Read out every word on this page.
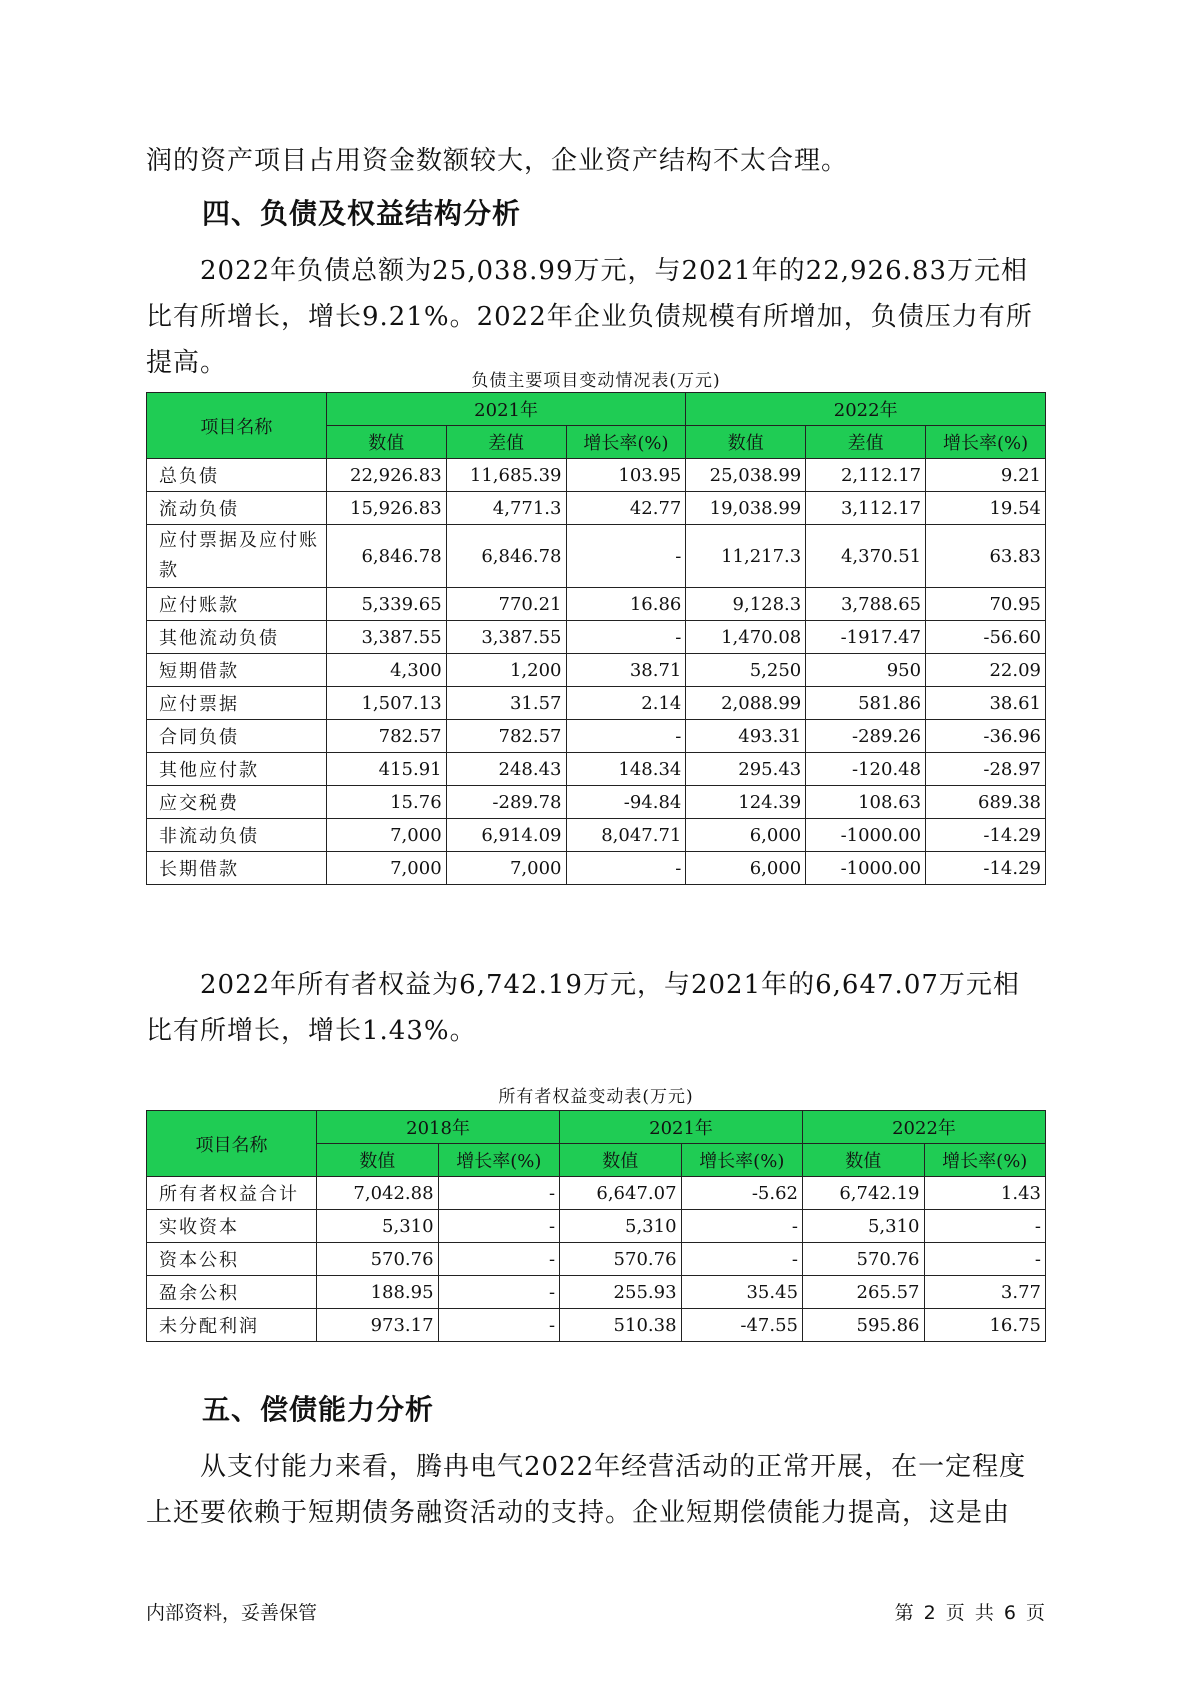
润的资产项目占用资金数额较大，企业资产结构不太合理。

四、负债及权益结构分析

2022年负债总额为25,038.99万元，与2021年的22,926.83万元相比有所增长，增长9.21%。2022年企业负债规模有所增加，负债压力有所提高。

负债主要项目变动情况表(万元)

项目名称	2021年			2022年		
	数值	差值	增长率(%)	数值	差值	增长率(%)
总负债	22,926.83	11,685.39	103.95	25,038.99	2,112.17	9.21
流动负债	15,926.83	4,771.3	42.77	19,038.99	3,112.17	19.54
应付票据及应付账款	6,846.78	6,846.78	-	11,217.3	4,370.51	63.83
应付账款	5,339.65	770.21	16.86	9,128.3	3,788.65	70.95
其他流动负债	3,387.55	3,387.55	-	1,470.08	-1917.47	-56.60
短期借款	4,300	1,200	38.71	5,250	950	22.09
应付票据	1,507.13	31.57	2.14	2,088.99	581.86	38.61
合同负债	782.57	782.57	-	493.31	-289.26	-36.96
其他应付款	415.91	248.43	148.34	295.43	-120.48	-28.97
应交税费	15.76	-289.78	-94.84	124.39	108.63	689.38
非流动负债	7,000	6,914.09	8,047.71	6,000	-1000.00	-14.29
长期借款	7,000	7,000	-	6,000	-1000.00	-14.29

2022年所有者权益为6,742.19万元，与2021年的6,647.07万元相比有所增长，增长1.43%。

所有者权益变动表(万元)

项目名称	2018年		2021年		2022年	
	数值	增长率(%)	数值	增长率(%)	数值	增长率(%)
所有者权益合计	7,042.88	-	6,647.07	-5.62	6,742.19	1.43
实收资本	5,310	-	5,310	-	5,310	-
资本公积	570.76	-	570.76	-	570.76	-
盈余公积	188.95	-	255.93	35.45	265.57	3.77
未分配利润	973.17	-	510.38	-47.55	595.86	16.75
五、偿债能力分析

从支付能力来看，腾冉电气2022年经营活动的正常开展，在一定程度上还要依赖于短期债务融资活动的支持。企业短期偿债能力提高，这是由

内部资料，妥善保管	第 2 页 共 6 页
